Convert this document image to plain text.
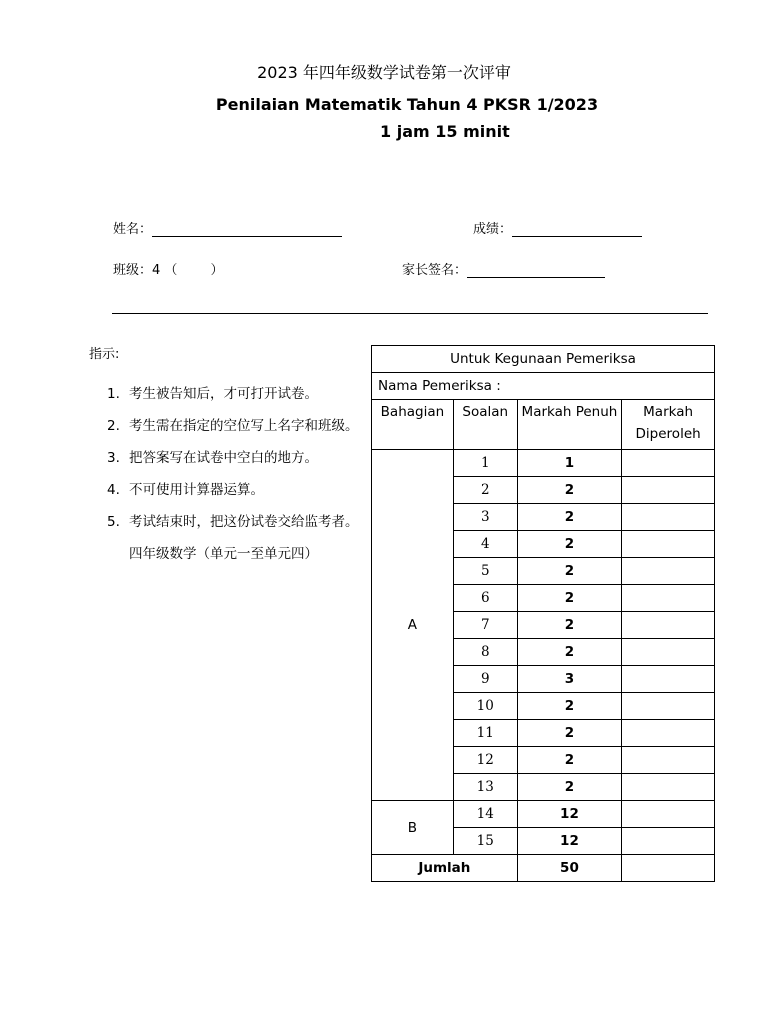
2023 年四年级数学试卷第一次评审
Penilaian Matematik Tahun 4 PKSR 1/2023
1 jam 15 minit
姓名：	成绩：
班级：4 （        ）	家长签名：
指示:
1. 考生被告知后，才可打开试卷。
2. 考生需在指定的空位写上名字和班级。
3. 把答案写在试卷中空白的地方。
4. 不可使用计算器运算。
5. 考试结束时，把这份试卷交给监考者。四年级数学（单元一至单元四）
Untuk Kegunaan Pemeriksa			
Nama Pemeriksa :			
Bahagian	Soalan	Markah Penuh	Markah Diperoleh
A	1	1	
	2	2	
	3	2	
	4	2	
	5	2	
	6	2	
	7	2	
	8	2	
	9	3	
	10	2	
	11	2	
	12	2	
	13	2	
B	14	12	
	15	12	
Jumlah		50	
